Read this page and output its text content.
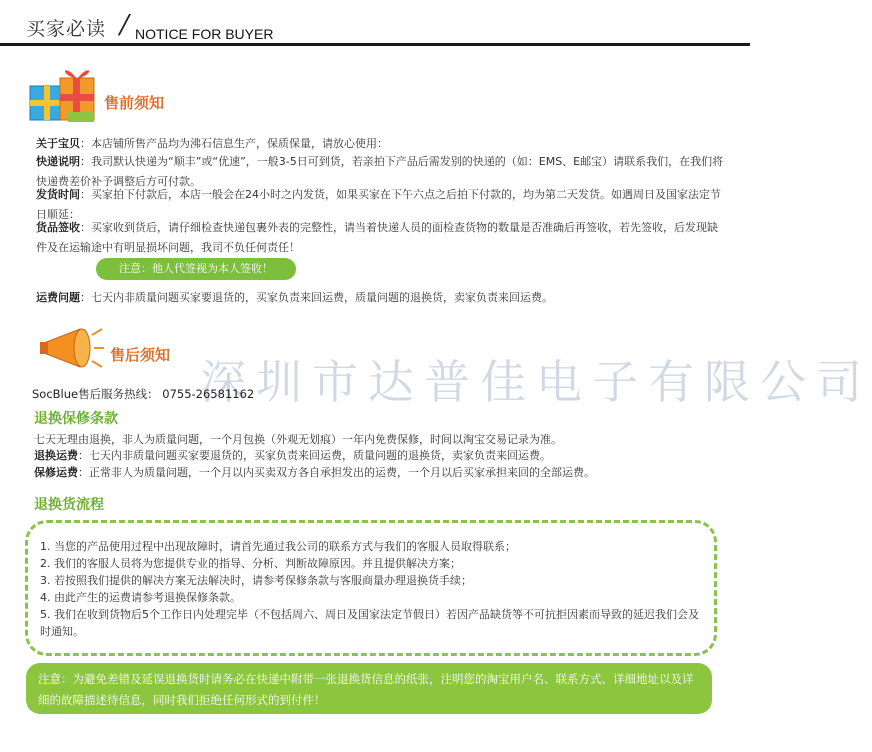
买家必读 / NOTICE FOR BUYER
售前须知
关于宝贝：本店铺所售产品均为沸石信息生产，保质保量，请放心使用：
快递说明：我司默认快递为“顺丰”或“优速”，一般3-5日可到货，若亲拍下产品后需发别的快递的（如：EMS、E邮宝）请联系我们，在我们将快递费差价补予调整后方可付款。
发货时间：买家拍下付款后，本店一般会在24小时之内发货，如果买家在下午六点之后拍下付款的，均为第二天发货。如遇周日及国家法定节日顺延：
货品签收：买家收到货后，请仔细检查快递包裹外表的完整性，请当着快递人员的面检查货物的数量是否准确后再签收，若先签收，后发现缺件及在运输途中有明显损坏问题，我司不负任何责任！
注意：他人代签视为本人签收！
运费问题：七天内非质量问题买家要退货的，买家负责来回运费，质量问题的退换货，卖家负责来回运费。
售后须知 深圳市达普佳电子有限公司
SocBlue售后服务热线： 0755-26581162
退换保修条款
七天无理由退换，非人为质量问题，一个月包换（外观无划痕）一年内免费保修，时间以淘宝交易记录为准。
退换运费：七天内非质量问题买家要退货的，买家负责来回运费，质量问题的退换货，卖家负责来回运费。
保修运费：正常非人为质量问题，一个月以内买卖双方各自承担发出的运费，一个月以后买家承担来回的全部运费。
退换货流程
1. 当您的产品使用过程中出现故障时，请首先通过我公司的联系方式与我们的客服人员取得联系；
2. 我们的客服人员将为您提供专业的指导、分析、判断故障原因。并且提供解决方案；
3. 若按照我们提供的解决方案无法解决时，请参考保修条款与客服商量办理退换货手续；
4. 由此产生的运费请参考退换保修条款。
5. 我们在收到货物后5个工作日内处理完毕（不包括周六、周日及国家法定节假日）若因产品缺货等不可抗拒因素而导致的延迟我们会及时通知。
注意：为避免差错及延误退换货时请务必在快递中附带一张退换货信息的纸张，注明您的淘宝用户名、联系方式、详细地址以及详细的故障描述待信息，同时我们拒绝任何形式的到付件！
